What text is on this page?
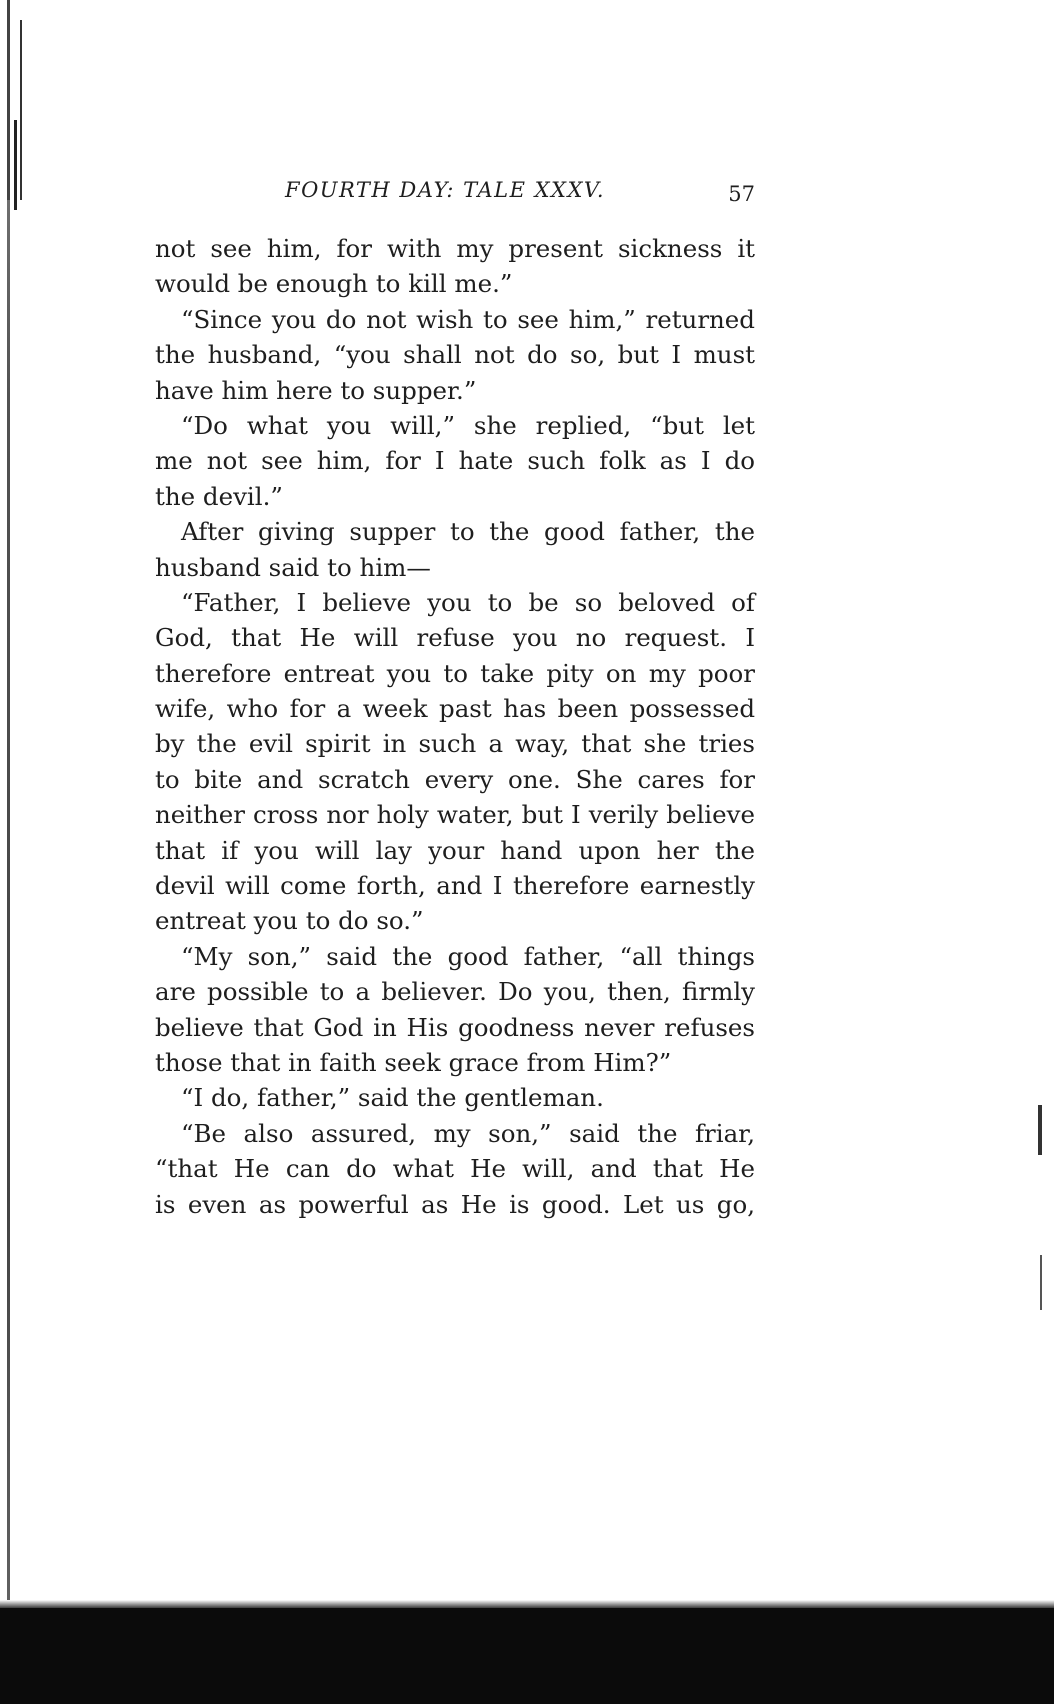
FOURTH DAY: TALE XXXV.	57
not see him, for with my present sickness it
would be enough to kill me.”
“Since you do not wish to see him,” returned
the husband, “you shall not do so, but I must
have him here to supper.”
“Do what you will,” she replied, “but let
me not see him, for I hate such folk as I do
the devil.”
After giving supper to the good father, the
husband said to him—
“Father, I believe you to be so beloved of
God, that He will refuse you no request. I
therefore entreat you to take pity on my poor
wife, who for a week past has been possessed
by the evil spirit in such a way, that she tries
to bite and scratch every one. She cares for
neither cross nor holy water, but I verily believe
that if you will lay your hand upon her the
devil will come forth, and I therefore earnestly
entreat you to do so.”
“My son,” said the good father, “all things
are possible to a believer. Do you, then, firmly
believe that God in His goodness never refuses
those that in faith seek grace from Him?”
“I do, father,” said the gentleman.
“Be also assured, my son,” said the friar,
“that He can do what He will, and that He
is even as powerful as He is good. Let us go,
